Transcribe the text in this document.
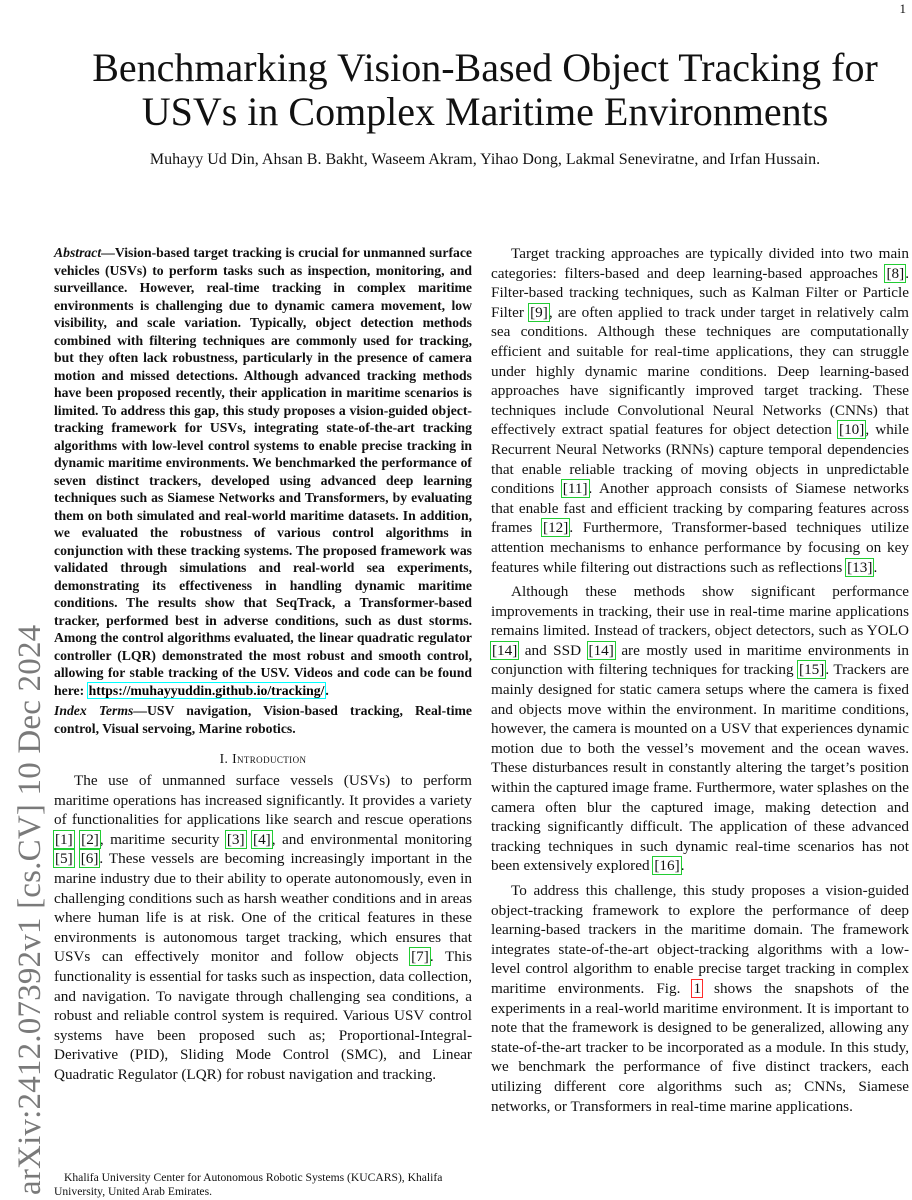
1
arXiv:2412.07392v1 [cs.CV] 10 Dec 2024
Benchmarking Vision-Based Object Tracking for
USVs in Complex Maritime Environments

Muhayy Ud Din, Ahsan B. Bakht, Waseem Akram, Yihao Dong, Lakmal Seneviratne, and Irfan Hussain.

Abstract—Vision-based target tracking is crucial for unmanned surface vehicles (USVs) to perform tasks such as inspection, monitoring, and surveillance. However, real-time tracking in complex maritime environments is challenging due to dynamic camera movement, low visibility, and scale variation. Typically, object detection methods combined with filtering techniques are commonly used for tracking, but they often lack robustness, particularly in the presence of camera motion and missed detections. Although advanced tracking methods have been proposed recently, their application in maritime scenarios is limited. To address this gap, this study proposes a vision-guided object-tracking framework for USVs, integrating state-of-the-art tracking algorithms with low-level control systems to enable precise tracking in dynamic maritime environments. We benchmarked the performance of seven distinct trackers, developed using advanced deep learning techniques such as Siamese Networks and Transformers, by evaluating them on both simulated and real-world maritime datasets. In addition, we evaluated the robustness of various control algorithms in conjunction with these tracking systems. The proposed framework was validated through simulations and real-world sea experiments, demonstrating its effectiveness in handling dynamic maritime conditions. The results show that SeqTrack, a Transformer-based tracker, performed best in adverse conditions, such as dust storms. Among the control algorithms evaluated, the linear quadratic regulator controller (LQR) demonstrated the most robust and smooth control, allowing for stable tracking of the USV. Videos and code can be found here: https://muhayyuddin.github.io/tracking/.

Index Terms—USV navigation, Vision-based tracking, Real-time control, Visual servoing, Marine robotics.

I. Introduction

The use of unmanned surface vessels (USVs) to perform maritime operations has increased significantly. It provides a variety of functionalities for applications like search and rescue operations [1] [2], maritime security [3] [4], and environmental monitoring [5] [6]. These vessels are becoming increasingly important in the marine industry due to their ability to operate autonomously, even in challenging conditions such as harsh weather conditions and in areas where human life is at risk. One of the critical features in these environments is autonomous target tracking, which ensures that USVs can effectively monitor and follow objects [7]. This functionality is essential for tasks such as inspection, data collection, and navigation. To navigate through challenging sea conditions, a robust and reliable control system is required. Various USV control systems have been proposed such as; Proportional-Integral-Derivative (PID), Sliding Mode Control (SMC), and Linear Quadratic Regulator (LQR) for robust navigation and tracking.

Khalifa University Center for Autonomous Robotic Systems (KUCARS), Khalifa University, United Arab Emirates.

Target tracking approaches are typically divided into two main categories: filters-based and deep learning-based approaches [8]. Filter-based tracking techniques, such as Kalman Filter or Particle Filter [9], are often applied to track under target in relatively calm sea conditions. Although these techniques are computationally efficient and suitable for real-time applications, they can struggle under highly dynamic marine conditions. Deep learning-based approaches have significantly improved target tracking. These techniques include Convolutional Neural Networks (CNNs) that effectively extract spatial features for object detection [10], while Recurrent Neural Networks (RNNs) capture temporal dependencies that enable reliable tracking of moving objects in unpredictable conditions [11]. Another approach consists of Siamese networks that enable fast and efficient tracking by comparing features across frames [12]. Furthermore, Transformer-based techniques utilize attention mechanisms to enhance performance by focusing on key features while filtering out distractions such as reflections [13].

Although these methods show significant performance improvements in tracking, their use in real-time marine applications remains limited. Instead of trackers, object detectors, such as YOLO [14] and SSD [14] are mostly used in maritime environments in conjunction with filtering techniques for tracking [15]. Trackers are mainly designed for static camera setups where the camera is fixed and objects move within the environment. In maritime conditions, however, the camera is mounted on a USV that experiences dynamic motion due to both the vessel’s movement and the ocean waves. These disturbances result in constantly altering the target’s position within the captured image frame. Furthermore, water splashes on the camera often blur the captured image, making detection and tracking significantly difficult. The application of these advanced tracking techniques in such dynamic real-time scenarios has not been extensively explored [16].

To address this challenge, this study proposes a vision-guided object-tracking framework to explore the performance of deep learning-based trackers in the maritime domain. The framework integrates state-of-the-art object-tracking algorithms with a low-level control algorithm to enable precise target tracking in complex maritime environments. Fig. 1 shows the snapshots of the experiments in a real-world maritime environment. It is important to note that the framework is designed to be generalized, allowing any state-of-the-art tracker to be incorporated as a module. In this study, we benchmark the performance of five distinct trackers, each utilizing different core algorithms such as; CNNs, Siamese networks, or Transformers in real-time marine applications.
